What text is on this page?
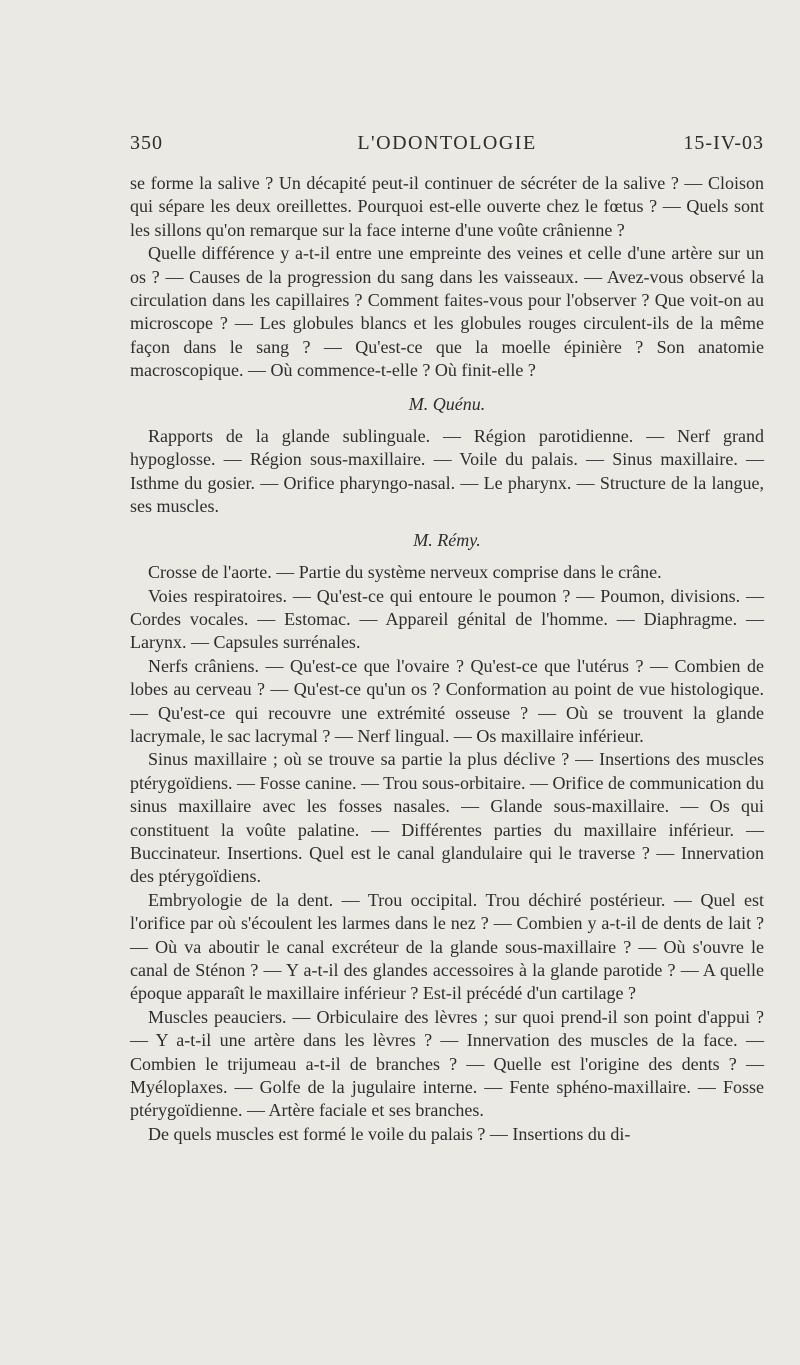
350	L'ODONTOLOGIE	15-IV-03

se forme la salive ? Un décapité peut-il continuer de sécréter de la salive ? — Cloison qui sépare les deux oreillettes. Pourquoi est-elle ouverte chez le fœtus ? — Quels sont les sillons qu'on remarque sur la face interne d'une voûte crânienne ?

Quelle différence y a-t-il entre une empreinte des veines et celle d'une artère sur un os ? — Causes de la progression du sang dans les vaisseaux. — Avez-vous observé la circulation dans les capillaires ? Comment faites-vous pour l'observer ? Que voit-on au microscope ? — Les globules blancs et les globules rouges circulent-ils de la même façon dans le sang ? — Qu'est-ce que la moelle épinière ? Son anatomie macroscopique. — Où commence-t-elle ? Où finit-elle ?

M. Quénu.

Rapports de la glande sublinguale. — Région parotidienne. — Nerf grand hypoglosse. — Région sous-maxillaire. — Voile du palais. — Sinus maxillaire. — Isthme du gosier. — Orifice pharyngo-nasal. — Le pharynx. — Structure de la langue, ses muscles.

M. Rémy.

Crosse de l'aorte. — Partie du système nerveux comprise dans le crâne.

Voies respiratoires. — Qu'est-ce qui entoure le poumon ? — Poumon, divisions. — Cordes vocales. — Estomac. — Appareil génital de l'homme. — Diaphragme. — Larynx. — Capsules surrénales.

Nerfs crâniens. — Qu'est-ce que l'ovaire ? Qu'est-ce que l'utérus ? — Combien de lobes au cerveau ? — Qu'est-ce qu'un os ? Conformation au point de vue histologique. — Qu'est-ce qui recouvre une extrémité osseuse ? — Où se trouvent la glande lacrymale, le sac lacrymal ? — Nerf lingual. — Os maxillaire inférieur.

Sinus maxillaire ; où se trouve sa partie la plus déclive ? — Insertions des muscles ptérygoïdiens. — Fosse canine. — Trou sous-orbitaire. — Orifice de communication du sinus maxillaire avec les fosses nasales. — Glande sous-maxillaire. — Os qui constituent la voûte palatine. — Différentes parties du maxillaire inférieur. — Buccinateur. Insertions. Quel est le canal glandulaire qui le traverse ? — Innervation des ptérygoïdiens.

Embryologie de la dent. — Trou occipital. Trou déchiré postérieur. — Quel est l'orifice par où s'écoulent les larmes dans le nez ? — Combien y a-t-il de dents de lait ? — Où va aboutir le canal excréteur de la glande sous-maxillaire ? — Où s'ouvre le canal de Sténon ? — Y a-t-il des glandes accessoires à la glande parotide ? — A quelle époque apparaît le maxillaire inférieur ? Est-il précédé d'un cartilage ?

Muscles peauciers. — Orbiculaire des lèvres ; sur quoi prend-il son point d'appui ? — Y a-t-il une artère dans les lèvres ? — Innervation des muscles de la face. — Combien le trijumeau a-t-il de branches ? — Quelle est l'origine des dents ? — Myéloplaxes. — Golfe de la jugulaire interne. — Fente sphéno-maxillaire. — Fosse ptérygoïdienne. — Artère faciale et ses branches.

De quels muscles est formé le voile du palais ? — Insertions du di-
